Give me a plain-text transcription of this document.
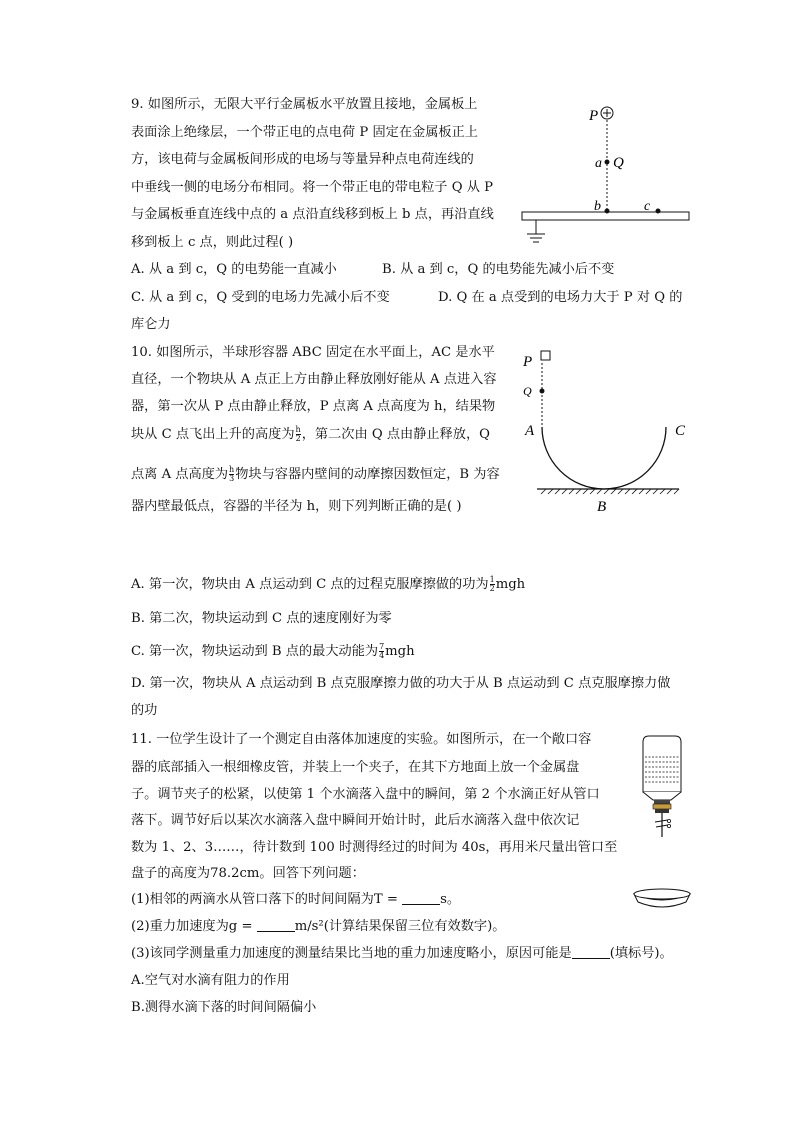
9. 如图所示，无限大平行金属板水平放置且接地，金属板上
表面涂上绝缘层，一个带正电的点电荷 P 固定在金属板正上
方，该电荷与金属板间形成的电场与等量异种点电荷连线的
中垂线一侧的电场分布相同。将一个带正电的带电粒子 Q 从 P
与金属板垂直连线中点的 a 点沿直线移到板上 b 点，再沿直线
移到板上 c 点，则此过程( )
A. 从 a 到 c，Q 的电势能一直减小	B. 从 a 到 c，Q 的电势能先减小后不变
C. 从 a 到 c，Q 受到的电场力先减小后不变	D. Q 在 a 点受到的电场力大于 P 对 Q 的
库仑力
P
a Q
b	c
10. 如图所示，半球形容器 ABC 固定在水平面上，AC 是水平
直径，一个物块从 A 点正上方由静止释放刚好能从 A 点进入容
器，第一次从 P 点由静止释放，P 点离 A 点高度为 h，结果物
块从 C 点飞出上升的高度为 $\frac{h}{2}$ ，第二次由 Q 点由静止释放，Q
点离 A 点高度为 $\frac{h}{3}$ 物块与容器内壁间的动摩擦因数恒定，B 为容
器内壁最低点，容器的半径为 h，则下列判断正确的是( )
A. 第一次，物块由 A 点运动到 C 点的过程克服摩擦做的功为 $\frac{1}{2}$ mgh
B. 第二次，物块运动到 C 点的速度刚好为零
C. 第一次，物块运动到 B 点的最大动能为 $\frac{7}{4}$ mgh
D. 第一次，物块从 A 点运动到 B 点克服摩擦力做的功大于从 B 点运动到 C 点克服摩擦力做
的功
P
Q
A	C
B
11. 一位学生设计了一个测定自由落体加速度的实验。如图所示，在一个敞口容
器的底部插入一根细橡皮管，并装上一个夹子，在其下方地面上放一个金属盘
子。调节夹子的松紧，以使第 1 个水滴落入盘中的瞬间，第 2 个水滴正好从管口
落下。调节好后以某次水滴落入盘中瞬间开始计时，此后水滴落入盘中依次记
数为 1、2、3……，待计数到 100 时测得经过的时间为 40s，再用米尺量出管口至
盘子的高度为78.2cm。回答下列问题：
(1)相邻的两滴水从管口落下的时间间隔为T =	s。
(2)重力加速度为g =	m/s²(计算结果保留三位有效数字)。
(3)该同学测量重力加速度的测量结果比当地的重力加速度略小，原因可能是	(填标号)。
A.空气对水滴有阻力的作用
B.测得水滴下落的时间间隔偏小
